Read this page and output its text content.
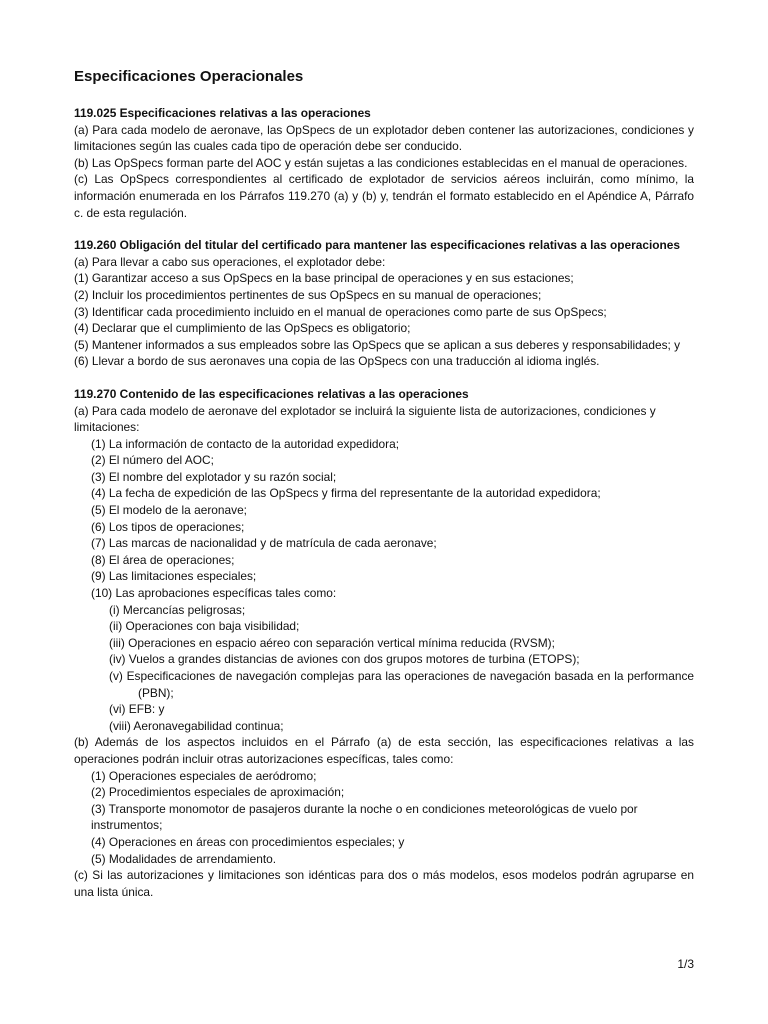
Especificaciones Operacionales
119.025 Especificaciones relativas a las operaciones

(a) Para cada modelo de aeronave, las OpSpecs de un explotador deben contener las autorizaciones, condiciones y limitaciones según las cuales cada tipo de operación debe ser conducido.

(b) Las OpSpecs forman parte del AOC y están sujetas a las condiciones establecidas en el manual de operaciones.

(c) Las OpSpecs correspondientes al certificado de explotador de servicios aéreos incluirán, como mínimo, la información enumerada en los Párrafos 119.270 (a) y (b) y, tendrán el formato establecido en el Apéndice A, Párrafo c. de esta regulación.

119.260 Obligación del titular del certificado para mantener las especificaciones relativas a las operaciones

(a) Para llevar a cabo sus operaciones, el explotador debe:

(1) Garantizar acceso a sus OpSpecs en la base principal de operaciones y en sus estaciones;

(2) Incluir los procedimientos pertinentes de sus OpSpecs en su manual de operaciones;

(3) Identificar cada procedimiento incluido en el manual de operaciones como parte de sus OpSpecs;

(4) Declarar que el cumplimiento de las OpSpecs es obligatorio;

(5) Mantener informados a sus empleados sobre las OpSpecs que se aplican a sus deberes y responsabilidades; y

(6) Llevar a bordo de sus aeronaves una copia de las OpSpecs con una traducción al idioma inglés.

119.270 Contenido de las especificaciones relativas a las operaciones

(a) Para cada modelo de aeronave del explotador se incluirá la siguiente lista de autorizaciones, condiciones y limitaciones:

(1) La información de contacto de la autoridad expedidora;

(2) El número del AOC;

(3) El nombre del explotador y su razón social;

(4) La fecha de expedición de las OpSpecs y firma del representante de la autoridad expedidora;

(5) El modelo de la aeronave;

(6) Los tipos de operaciones;

(7) Las marcas de nacionalidad y de matrícula de cada aeronave;

(8) El área de operaciones;

(9) Las limitaciones especiales;

(10) Las aprobaciones específicas tales como:

(i) Mercancías peligrosas;

(ii) Operaciones con baja visibilidad;

(iii) Operaciones en espacio aéreo con separación vertical mínima reducida (RVSM);

(iv) Vuelos a grandes distancias de aviones con dos grupos motores de turbina (ETOPS);

(v) Especificaciones de navegación complejas para las operaciones de navegación basada en la performance (PBN);

(vi) EFB: y

(viii) Aeronavegabilidad continua;

(b) Además de los aspectos incluidos en el Párrafo (a) de esta sección, las especificaciones relativas a las operaciones podrán incluir otras autorizaciones específicas, tales como:

(1) Operaciones especiales de aeródromo;

(2) Procedimientos especiales de aproximación;

(3) Transporte monomotor de pasajeros durante la noche o en condiciones meteorológicas de vuelo por instrumentos;

(4) Operaciones en áreas con procedimientos especiales; y

(5) Modalidades de arrendamiento.

(c) Si las autorizaciones y limitaciones son idénticas para dos o más modelos, esos modelos podrán agruparse en una lista única.

1/3
